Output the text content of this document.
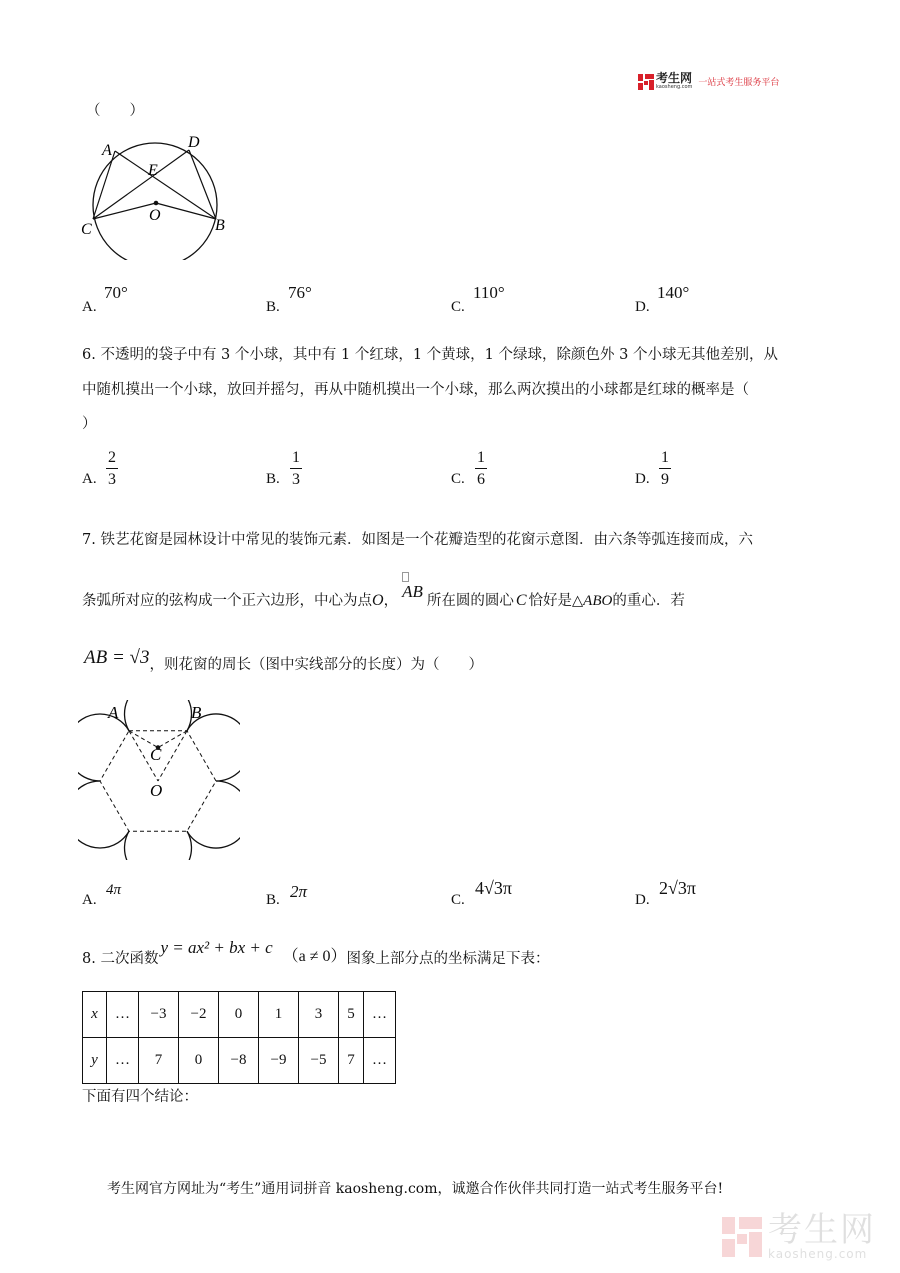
考生网
kaosheng.com 一站式考生服务平台
（　　）
A	D
E
O
C	B
A.
70°
B.
76°
C.
110°
D.
140°
6. 不透明的袋子中有 3 个小球，其中有 1 个红球，1 个黄球，1 个绿球，除颜色外 3 个小球无其他差别，从
中随机摸出一个小球，放回并摇匀，再从中随机摸出一个小球，那么两次摸出的小球都是红球的概率是（
）
A.
2
3	B.
1
3	C.
1
6	D.
1
9
7. 铁艺花窗是园林设计中常见的装饰元素．如图是一个花瓣造型的花窗示意图．由六条等弧连接而成，六
条弧所对应的弦构成一个正六边形，中心为点 O ， AB 所在圆的圆心 C 恰好是△ ABO 的重心．若
AB = √3 ，则花窗的周长（图中实线部分的长度）为（　　）
A	B
C
O
A.
4π
B. 2π	C.
4√3π
D.
2√3π
8. 二次函数
y = ax² + bx + c （a ≠ 0） 图象上部分点的坐标满足下表：
x	…	−3	−2	0	1	3	5	…
y	…	7	0	−8	−9	−5	7	…
下面有四个结论：
考生网官方网址为“考生”通用词拼音 kaosheng.com，诚邀合作伙伴共同打造一站式考生服务平台!
考生网
kaosheng.com
